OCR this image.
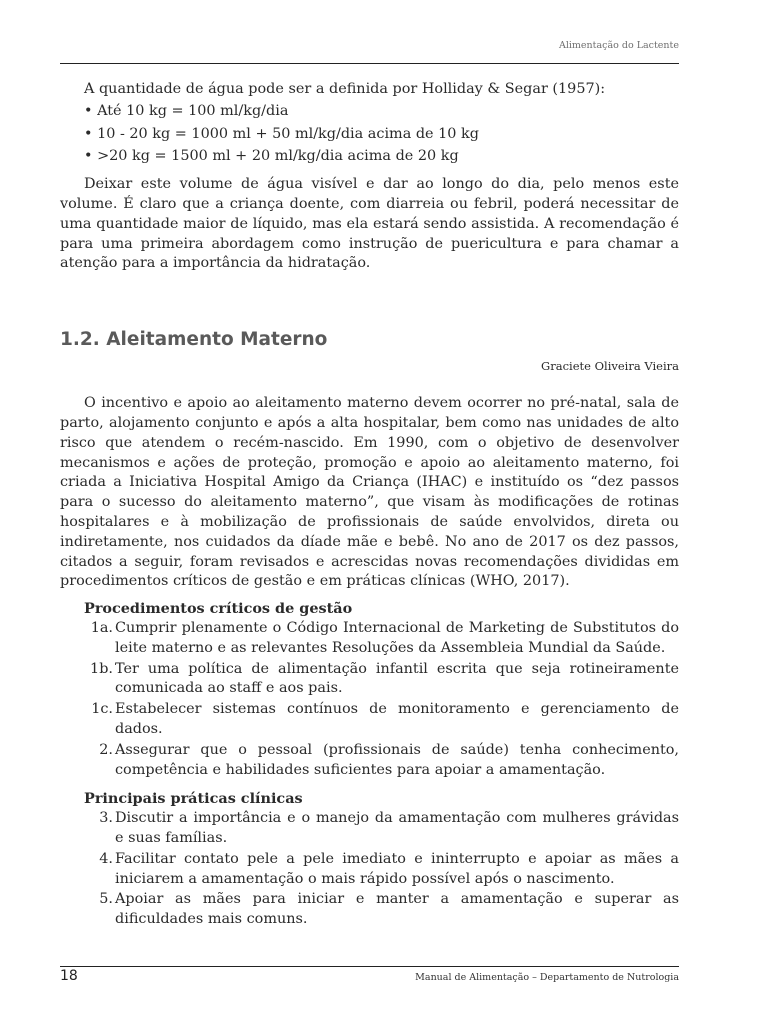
Alimentação do Lactente

A quantidade de água pode ser a definida por Holliday & Segar (1957):

• Até 10 kg = 100 ml/kg/dia
• 10 - 20 kg = 1000 ml + 50 ml/kg/dia acima de 10 kg
• >20 kg = 1500 ml + 20 ml/kg/dia acima de 20 kg

Deixar este volume de água visível e dar ao longo do dia, pelo menos este volume. É claro que a criança doente, com diarreia ou febril, poderá necessitar de uma quantidade maior de líquido, mas ela estará sendo assistida. A recomendação é para uma primeira abordagem como instrução de puericultura e para chamar a atenção para a importância da hidratação.

1.2. Aleitamento Materno
Graciete Oliveira Vieira

O incentivo e apoio ao aleitamento materno devem ocorrer no pré-natal, sala de parto, alojamento conjunto e após a alta hospitalar, bem como nas unidades de alto risco que atendem o recém-nascido. Em 1990, com o objetivo de desenvolver mecanismos e ações de proteção, promoção e apoio ao aleitamento materno, foi criada a Iniciativa Hospital Amigo da Criança (IHAC) e instituído os “dez passos para o sucesso do aleitamento materno”, que visam às modificações de rotinas hospitalares e à mobilização de profissionais de saúde envolvidos, direta ou indiretamente, nos cuidados da díade mãe e bebê. No ano de 2017 os dez passos, citados a seguir, foram revisados e acrescidas novas recomendações divididas em procedimentos críticos de gestão e em práticas clínicas (WHO, 2017).

Procedimentos críticos de gestão
1a. Cumprir plenamente o Código Internacional de Marketing de Substitutos do leite materno e as relevantes Resoluções da Assembleia Mundial da Saúde.
1b. Ter uma política de alimentação infantil escrita que seja rotineiramente comunicada ao staff e aos pais.
1c. Estabelecer sistemas contínuos de monitoramento e gerenciamento de dados.
2. Assegurar que o pessoal (profissionais de saúde) tenha conhecimento, competência e habilidades suficientes para apoiar a amamentação.
Principais práticas clínicas
3. Discutir a importância e o manejo da amamentação com mulheres grávidas e suas famílias.
4. Facilitar contato pele a pele imediato e ininterrupto e apoiar as mães a iniciarem a amamentação o mais rápido possível após o nascimento.
5. Apoiar as mães para iniciar e manter a amamentação e superar as dificuldades mais comuns.
18	Manual de Alimentação – Departamento de Nutrologia
